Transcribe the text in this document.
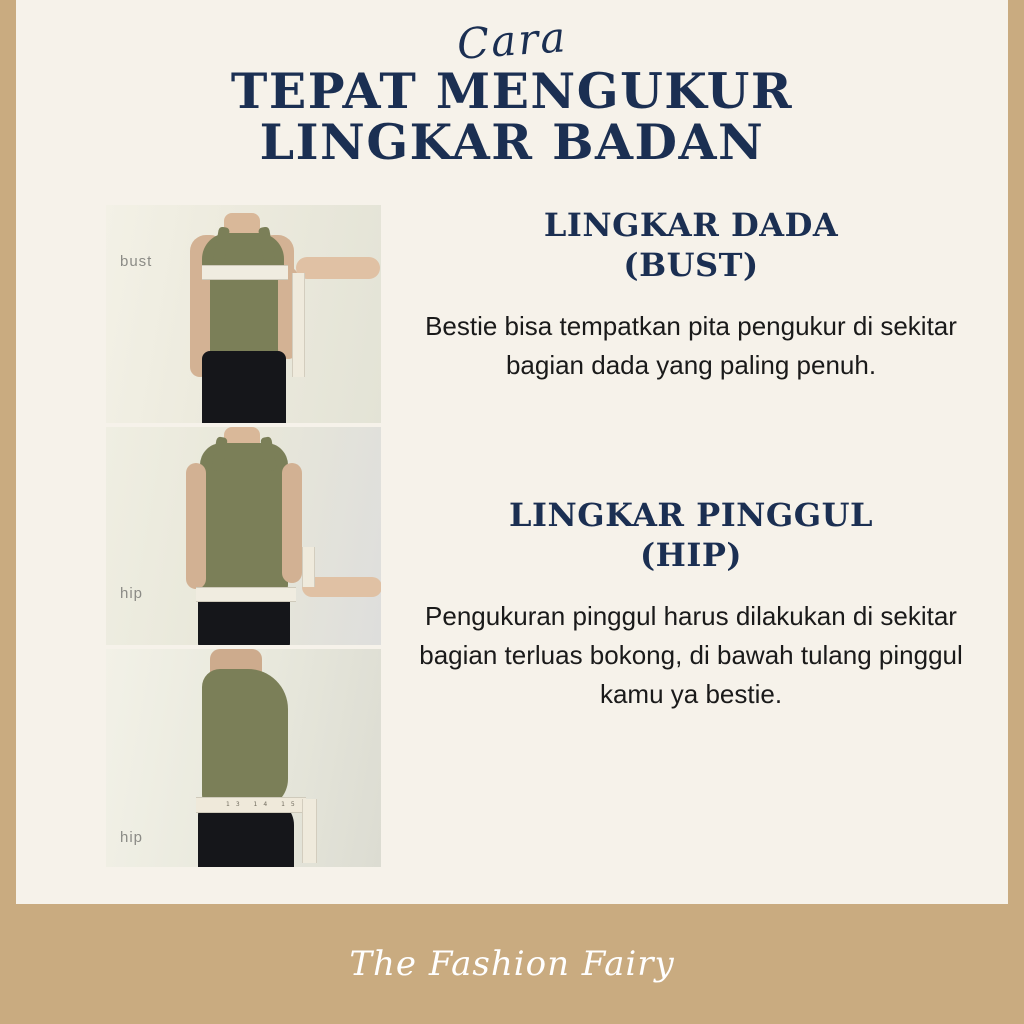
Cara
TEPAT MENGUKUR
LINGKAR BADAN
bust
hip
13 14 15
hip
LINGKAR DADA
(BUST)
Bestie bisa tempatkan pita pengukur di sekitar bagian dada yang paling penuh.
LINGKAR PINGGUL
(HIP)
Pengukuran pinggul harus dilakukan di sekitar bagian terluas bokong, di bawah tulang pinggul kamu ya bestie.
The Fashion Fairy
